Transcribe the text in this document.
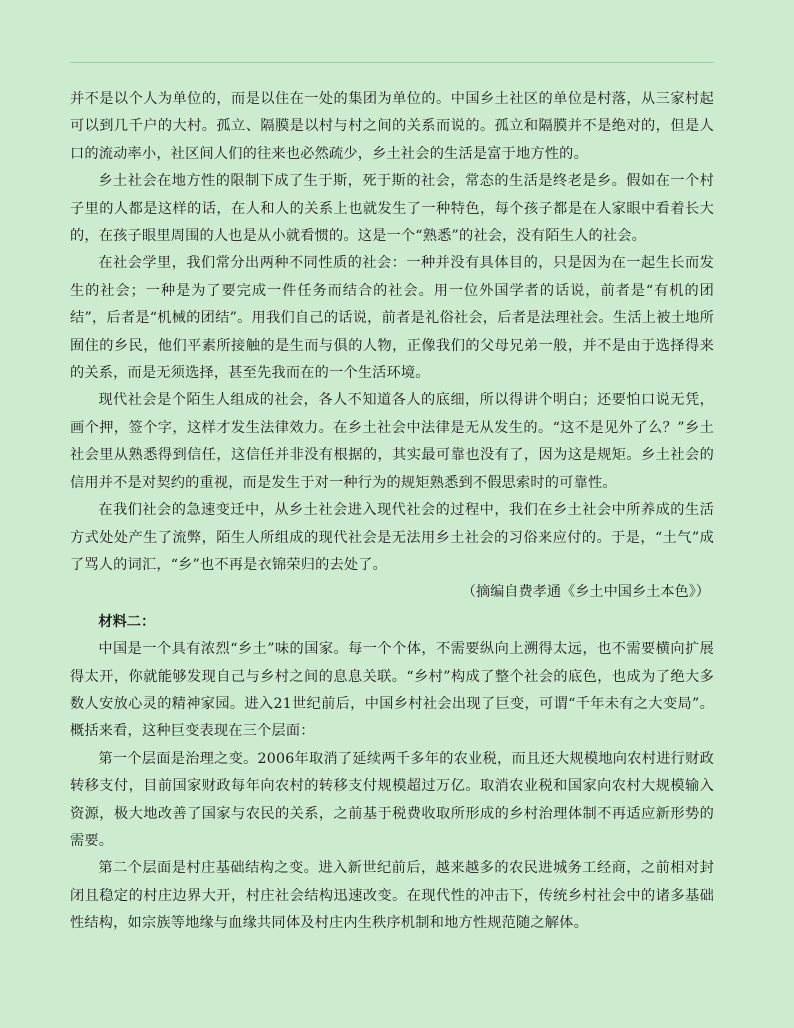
并不是以个人为单位的，而是以住在一处的集团为单位的。中国乡土社区的单位是村落，从三家村起可以到几千户的大村。孤立、隔膜是以村与村之间的关系而说的。孤立和隔膜并不是绝对的，但是人口的流动率小，社区间人们的往来也必然疏少，乡土社会的生活是富于地方性的。

乡土社会在地方性的限制下成了生于斯，死于斯的社会，常态的生活是终老是乡。假如在一个村子里的人都是这样的话，在人和人的关系上也就发生了一种特色，每个孩子都是在人家眼中看着长大的，在孩子眼里周围的人也是从小就看惯的。这是一个“熟悉”的社会，没有陌生人的社会。

在社会学里，我们常分出两种不同性质的社会：一种并没有具体目的，只是因为在一起生长而发生的社会；一种是为了要完成一件任务而结合的社会。用一位外国学者的话说，前者是“有机的团结”，后者是“机械的团结”。用我们自己的话说，前者是礼俗社会，后者是法理社会。生活上被土地所囿住的乡民，他们平素所接触的是生而与俱的人物，正像我们的父母兄弟一般，并不是由于选择得来的关系，而是无须选择，甚至先我而在的一个生活环境。

现代社会是个陌生人组成的社会，各人不知道各人的底细，所以得讲个明白；还要怕口说无凭，画个押，签个字，这样才发生法律效力。在乡土社会中法律是无从发生的。“这不是见外了么？”乡土社会里从熟悉得到信任，这信任并非没有根据的，其实最可靠也没有了，因为这是规矩。乡土社会的信用并不是对契约的重视，而是发生于对一种行为的规矩熟悉到不假思索时的可靠性。

在我们社会的急速变迁中，从乡土社会进入现代社会的过程中，我们在乡土社会中所养成的生活方式处处产生了流弊，陌生人所组成的现代社会是无法用乡土社会的习俗来应付的。于是，“土气”成了骂人的词汇，“乡”也不再是衣锦荣归的去处了。

（摘编自费孝通《乡土中国乡土本色》）

材料二：

中国是一个具有浓烈“乡土”味的国家。每一个个体，不需要纵向上溯得太远，也不需要横向扩展得太开，你就能够发现自己与乡村之间的息息关联。“乡村”构成了整个社会的底色，也成为了绝大多数人安放心灵的精神家园。进入21世纪前后，中国乡村社会出现了巨变，可谓“千年未有之大变局”。概括来看，这种巨变表现在三个层面：

第一个层面是治理之变。2006年取消了延续两千多年的农业税，而且还大规模地向农村进行财政转移支付，目前国家财政每年向农村的转移支付规模超过万亿。取消农业税和国家向农村大规模输入资源，极大地改善了国家与农民的关系，之前基于税费收取所形成的乡村治理体制不再适应新形势的需要。

第二个层面是村庄基础结构之变。进入新世纪前后，越来越多的农民进城务工经商，之前相对封闭且稳定的村庄边界大开，村庄社会结构迅速改变。在现代性的冲击下，传统乡村社会中的诸多基础性结构，如宗族等地缘与血缘共同体及村庄内生秩序机制和地方性规范随之解体。
